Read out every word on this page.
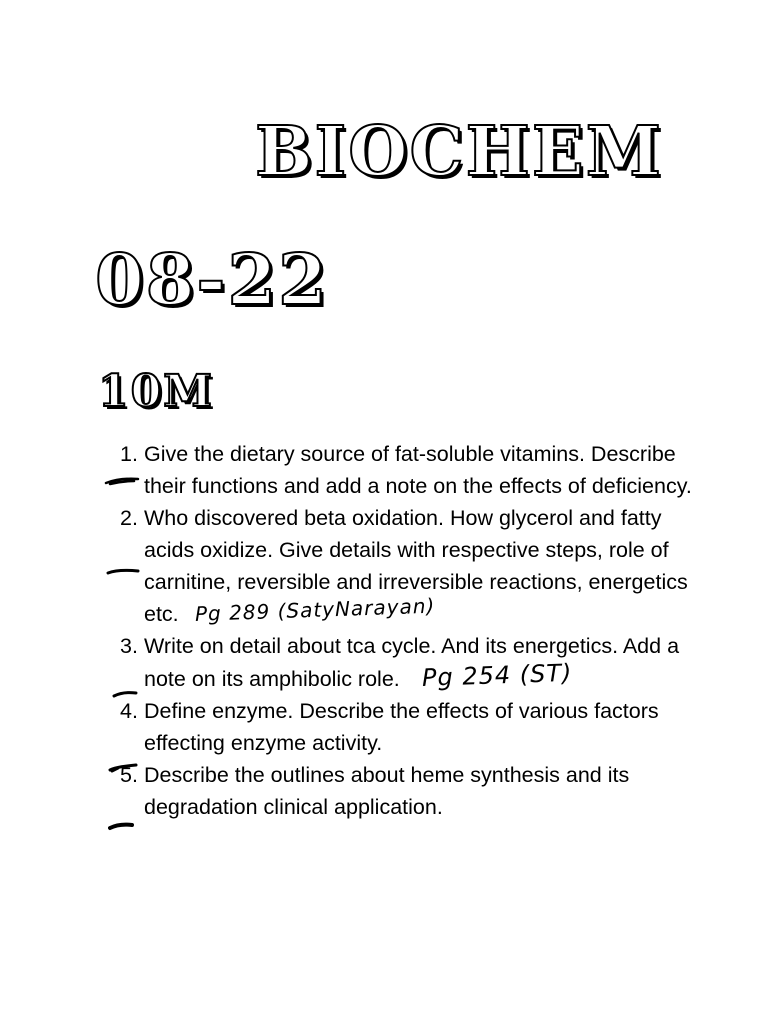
BIOCHEM
08-22
10M
1. Give the dietary source of fat-soluble vitamins. Describe their functions and add a note on the effects of deficiency.
2. Who discovered beta oxidation. How glycerol and fatty acids oxidize. Give details with respective steps, role of carnitine, reversible and irreversible reactions, energetics etc. Pg 289 (SatyNarayan)
3. Write on detail about tca cycle. And its energetics. Add a note on its amphibolic role. Pg 254 (ST)
4. Define enzyme. Describe the effects of various factors effecting enzyme activity.
5. Describe the outlines about heme synthesis and its degradation clinical application.
